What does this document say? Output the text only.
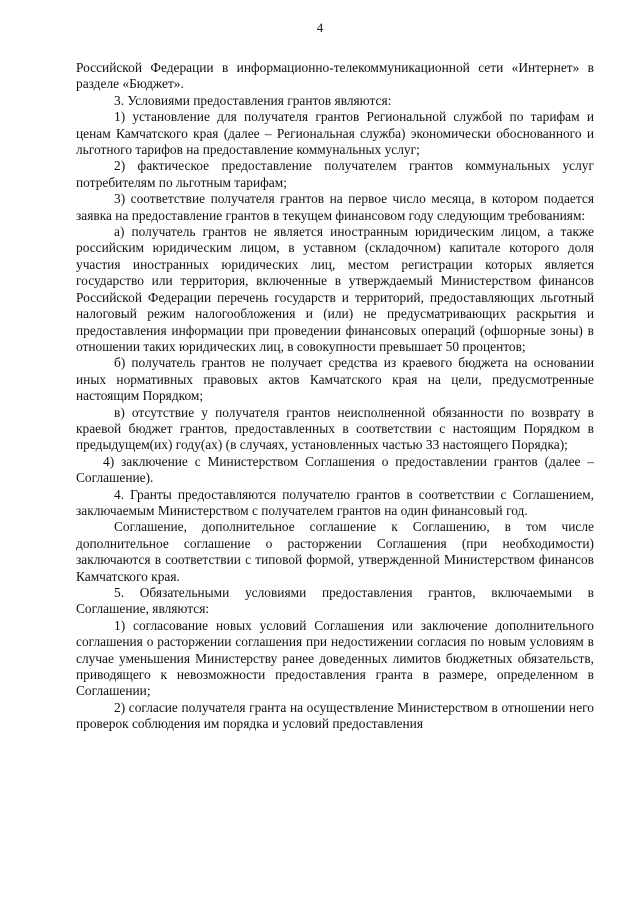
4

Российской Федерации в информационно-телекоммуникационной сети «Интернет» в разделе «Бюджет».

3. Условиями предоставления грантов являются:

1) установление для получателя грантов Региональной службой по тарифам и ценам Камчатского края (далее – Региональная служба) экономически обоснованного и льготного тарифов на предоставление коммунальных услуг;

2) фактическое предоставление получателем грантов коммунальных услуг потребителям по льготным тарифам;

3) соответствие получателя грантов на первое число месяца, в котором подается заявка на предоставление грантов в текущем финансовом году следующим требованиям:

а) получатель грантов не является иностранным юридическим лицом, а также российским юридическим лицом, в уставном (складочном) капитале которого доля участия иностранных юридических лиц, местом регистрации которых является государство или территория, включенные в утверждаемый Министерством финансов Российской Федерации перечень государств и территорий, предоставляющих льготный налоговый режим налогообложения и (или) не предусматривающих раскрытия и предоставления информации при проведении финансовых операций (офшорные зоны) в отношении таких юридических лиц, в совокупности превышает 50 процентов;

б) получатель грантов не получает средства из краевого бюджета на основании иных нормативных правовых актов Камчатского края на цели, предусмотренные настоящим Порядком;

в) отсутствие у получателя грантов неисполненной обязанности по возврату в краевой бюджет грантов, предоставленных в соответствии с настоящим Порядком в предыдущем(их) году(ах) (в случаях, установленных частью 33 настоящего Порядка);

4) заключение с Министерством Соглашения о предоставлении грантов (далее – Соглашение).

4. Гранты предоставляются получателю грантов в соответствии с Соглашением, заключаемым Министерством с получателем грантов на один финансовый год.

Соглашение, дополнительное соглашение к Соглашению, в том числе дополнительное соглашение о расторжении Соглашения (при необходимости) заключаются в соответствии с типовой формой, утвержденной Министерством финансов Камчатского края.

5. Обязательными условиями предоставления грантов, включаемыми в Соглашение, являются:

1) согласование новых условий Соглашения или заключение дополнительного соглашения о расторжении соглашения при недостижении согласия по новым условиям в случае уменьшения Министерству ранее доведенных лимитов бюджетных обязательств, приводящего к невозможности предоставления гранта в размере, определенном в Соглашении;

2) согласие получателя гранта на осуществление Министерством в отношении него проверок соблюдения им порядка и условий предоставления
